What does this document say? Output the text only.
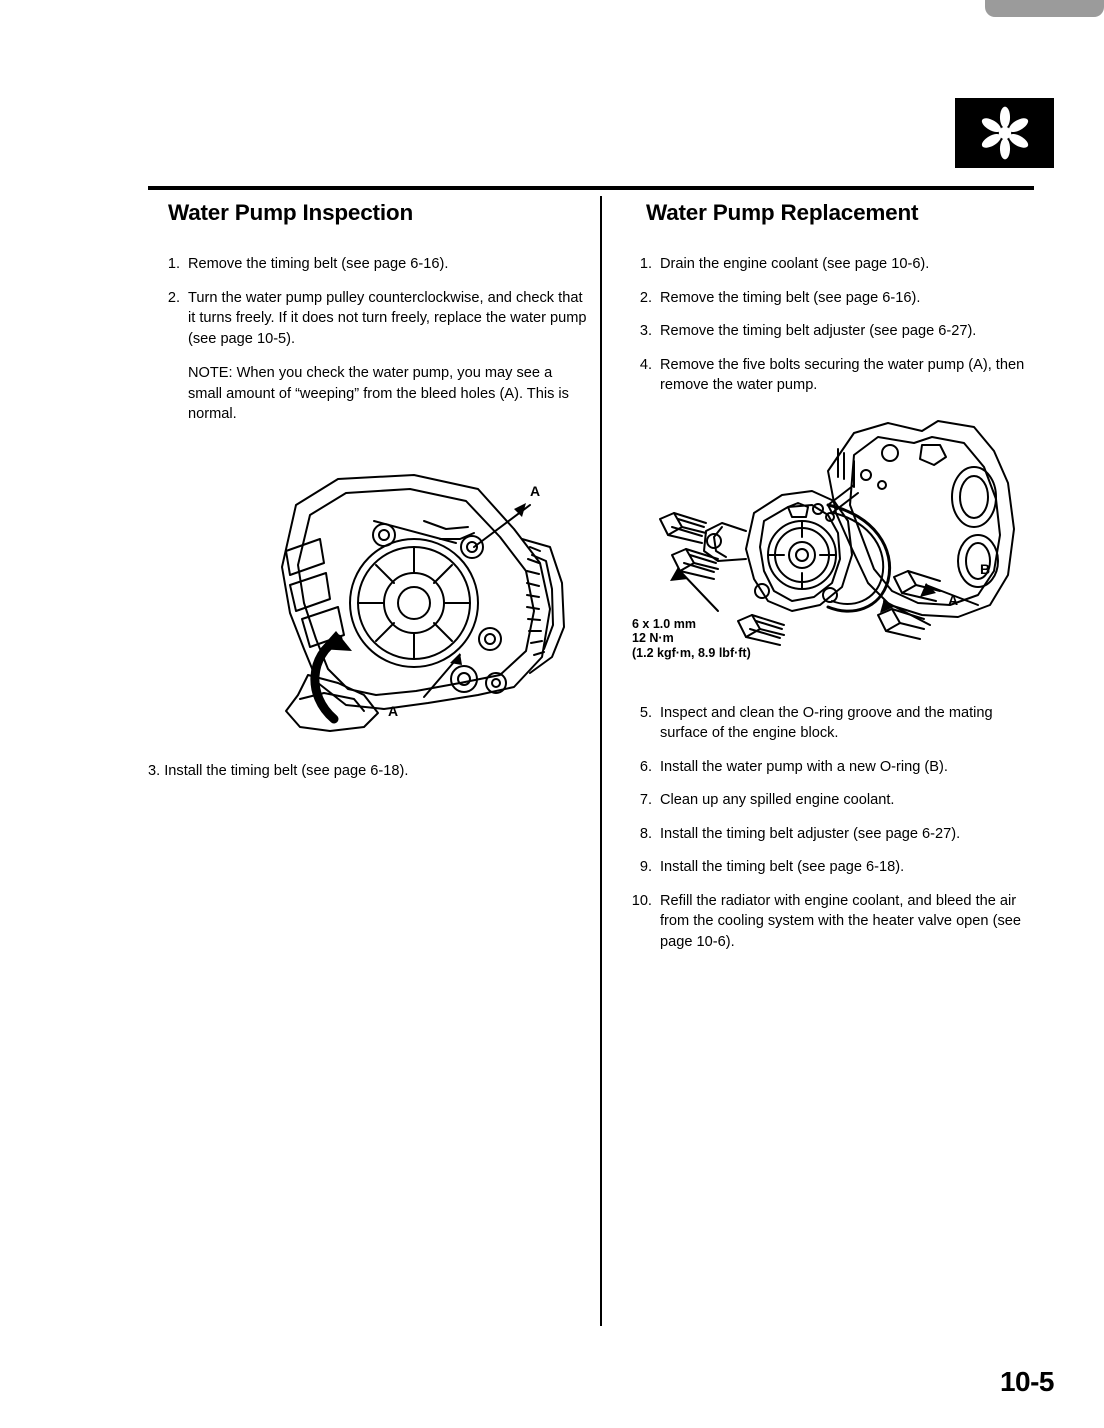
Water Pump Inspection
1. Remove the timing belt (see page 6-16).
2. Turn the water pump pulley counterclockwise, and check that it turns freely. If it does not turn freely, replace the water pump (see page 10-5).
NOTE: When you check the water pump, you may see a small amount of “weeping” from the bleed holes (A). This is normal.
A
A
3. Install the timing belt (see page 6-18).
Water Pump Replacement
1. Drain the engine coolant (see page 10-6).
2. Remove the timing belt (see page 6-16).
3. Remove the timing belt adjuster (see page 6-27).
4. Remove the five bolts securing the water pump (A), then remove the water pump.
A
B
6 x 1.0 mm
12 N·m
(1.2 kgf·m, 8.9 lbf·ft)
5. Inspect and clean the O-ring groove and the mating surface of the engine block.
6. Install the water pump with a new O-ring (B).
7. Clean up any spilled engine coolant.
8. Install the timing belt adjuster (see page 6-27).
9. Install the timing belt (see page 6-18).
10. Refill the radiator with engine coolant, and bleed the air from the cooling system with the heater valve open (see page 10-6).
10-5
